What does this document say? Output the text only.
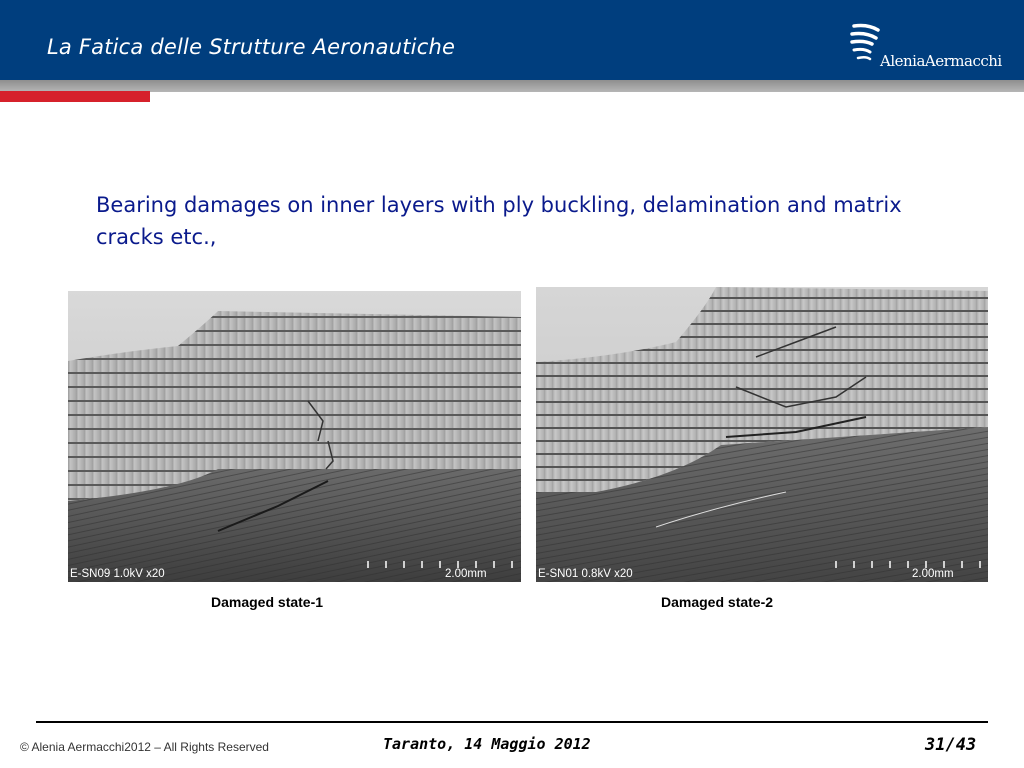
La Fatica delle Strutture Aeronautiche
AleniaAermacchi
Bearing damages on inner layers with ply buckling, delamination and matrix cracks etc.,
E-SN09 1.0kV x20	2.00mm
Damaged state-1
E-SN01 0.8kV x20	2.00mm
Damaged state-2
© Alenia Aermacchi2012 – All Rights Reserved	Taranto, 14 Maggio 2012	31/43
